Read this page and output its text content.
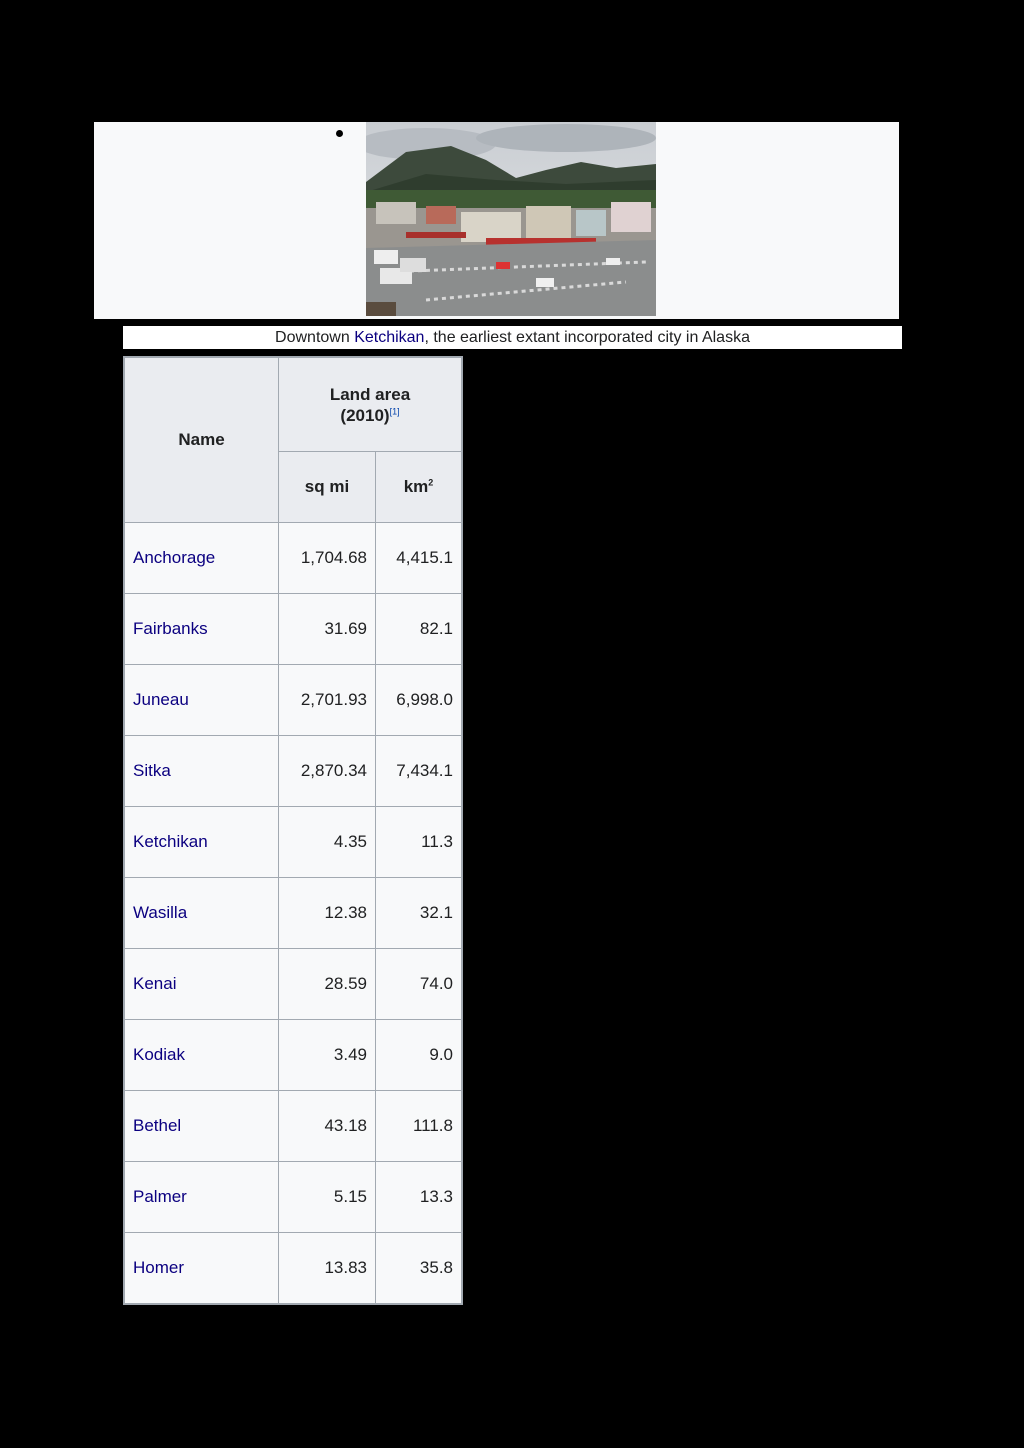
Downtown Ketchikan, the earliest extant incorporated city in Alaska
Name	Land area
(2010)[1]
	sq mi	$km^2$
Anchorage	1,704.68	4,415.1
Fairbanks	31.69	82.1
Juneau	2,701.93	6,998.0
Sitka	2,870.34	7,434.1
Ketchikan	4.35	11.3
Wasilla	12.38	32.1
Kenai	28.59	74.0
Kodiak	3.49	9.0
Bethel	43.18	111.8
Palmer	5.15	13.3
Homer	13.83	35.8
